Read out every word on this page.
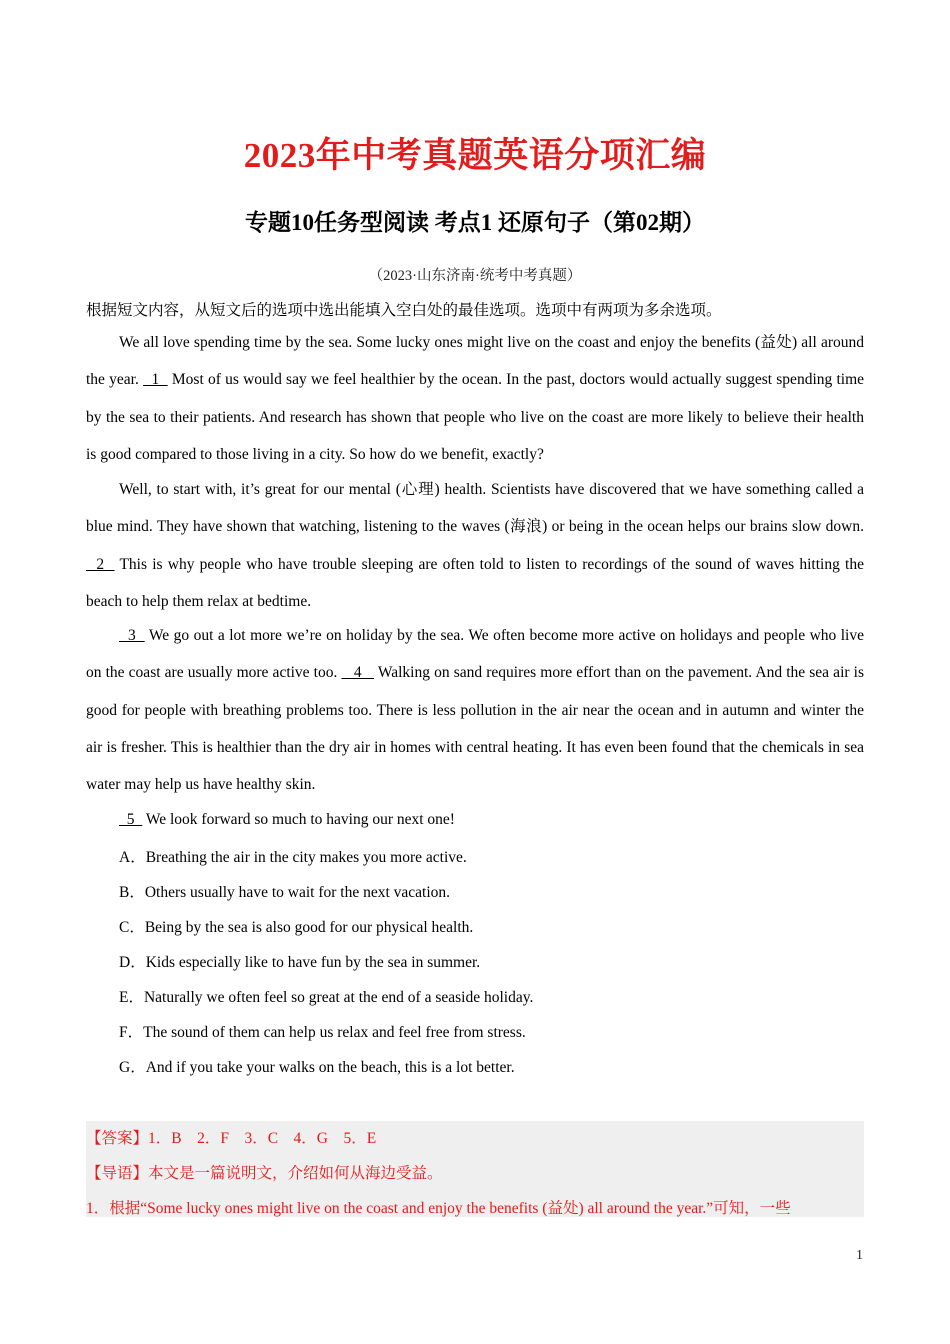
2023年中考真题英语分项汇编
专题10任务型阅读 考点1 还原句子（第02期）
（2023·山东济南·统考中考真题）
根据短文内容，从短文后的选项中选出能填入空白处的最佳选项。选项中有两项为多余选项。
We all love spending time by the sea. Some lucky ones might live on the coast and enjoy the benefits (益处) all around the year.   1   Most of us would say we feel healthier by the ocean. In the past, doctors would actually suggest spending time by the sea to their patients. And research has shown that people who live on the coast are more likely to believe their health is good compared to those living in a city. So how do we benefit, exactly?
Well, to start with, it’s great for our mental (心理) health. Scientists have discovered that we have something called a blue mind. They have shown that watching, listening to the waves (海浪) or being in the ocean helps our brains slow down.   2   This is why people who have trouble sleeping are often told to listen to recordings of the sound of waves hitting the beach to help them relax at bedtime.
3   We go out a lot more we’re on holiday by the sea. We often become more active on holidays and people who live on the coast are usually more active too.    4    Walking on sand requires more effort than on the pavement. And the sea air is good for people with breathing problems too. There is less pollution in the air near the ocean and in autumn and winter the air is fresher. This is healthier than the dry air in homes with central heating. It has even been found that the chemicals in sea water may help us have healthy skin.
5   We look forward so much to having our next one!
A．Breathing the air in the city makes you more active.
B．Others usually have to wait for the next vacation.
C．Being by the sea is also good for our physical health.
D．Kids especially like to have fun by the sea in summer.
E．Naturally we often feel so great at the end of a seaside holiday.
F．The sound of them can help us relax and feel free from stress.
G．And if you take your walks on the beach, this is a lot better.
【答案】1．B　2．F　3．C　4．G　5．E
【导语】本文是一篇说明文，介绍如何从海边受益。
1．根据“Some lucky ones might live on the coast and enjoy the benefits (益处) all around the year.”可知，一些
1
